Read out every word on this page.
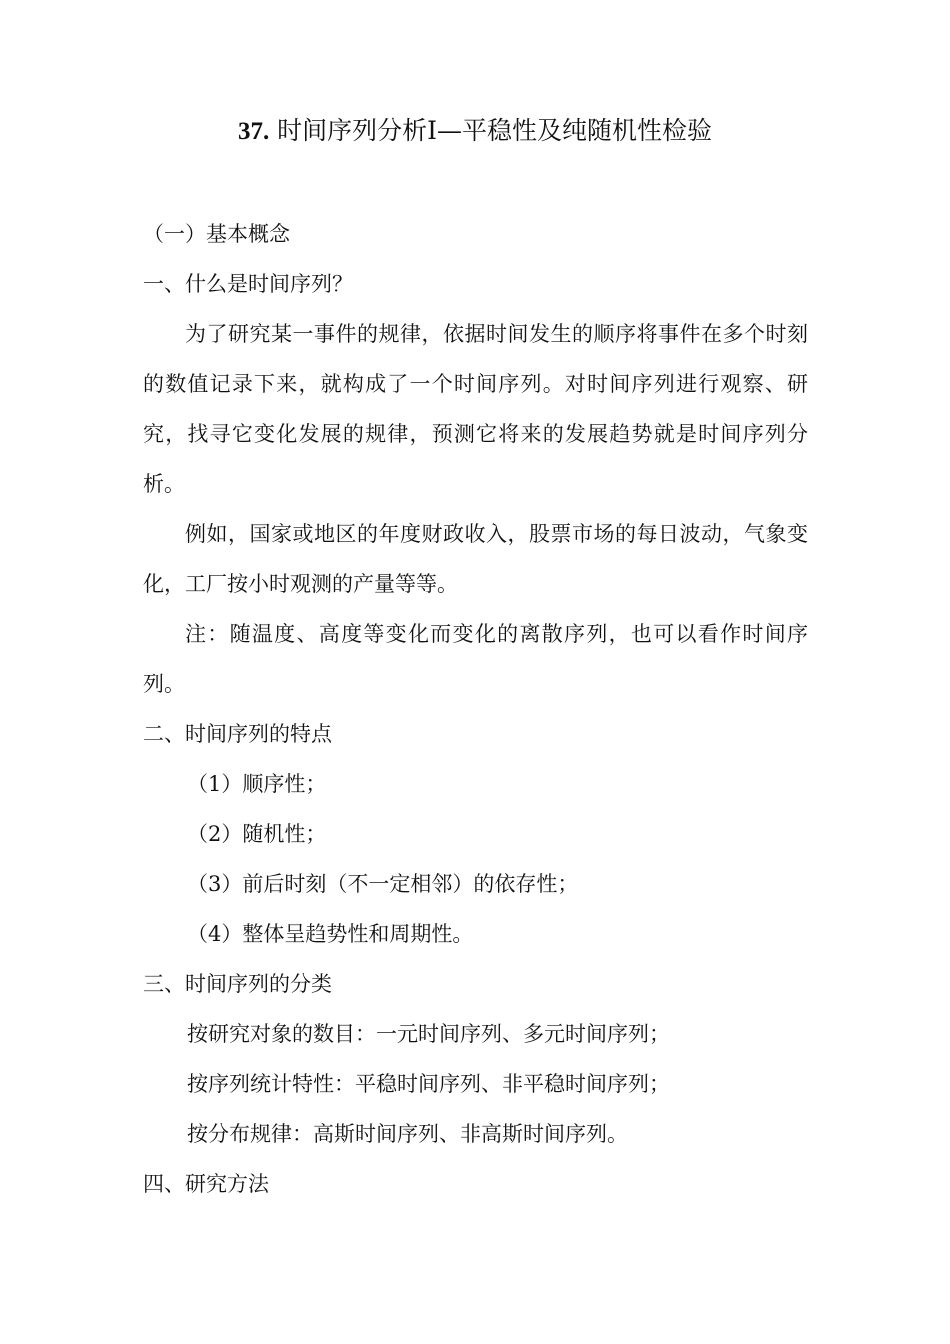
37. 时间序列分析Ⅰ—平稳性及纯随机性检验
（一）基本概念
一、什么是时间序列？
为了研究某一事件的规律，依据时间发生的顺序将事件在多个时刻的数值记录下来，就构成了一个时间序列。对时间序列进行观察、研究，找寻它变化发展的规律，预测它将来的发展趋势就是时间序列分析。
例如，国家或地区的年度财政收入，股票市场的每日波动，气象变化，工厂按小时观测的产量等等。
注：随温度、高度等变化而变化的离散序列，也可以看作时间序列。
二、时间序列的特点
（1）顺序性；
（2）随机性；
（3）前后时刻（不一定相邻）的依存性；
（4）整体呈趋势性和周期性。
三、时间序列的分类
按研究对象的数目：一元时间序列、多元时间序列；
按序列统计特性：平稳时间序列、非平稳时间序列；
按分布规律：高斯时间序列、非高斯时间序列。
四、研究方法
